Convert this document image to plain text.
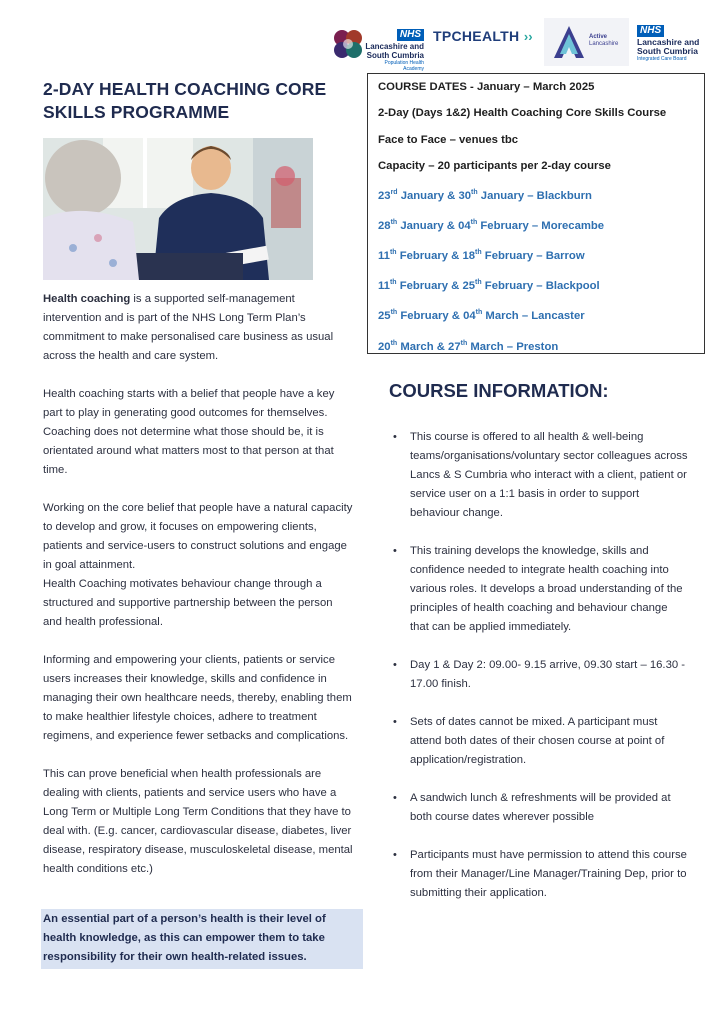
NHS
Lancashire and
South Cumbria
Population Health
Academy
TPCHEALTH ››	Active
Lancashire
NHS
Lancashire and
South Cumbria
Integrated Care Board
2-DAY HEALTH COACHING CORE
SKILLS PROGRAMME

Health coaching is a supported self-management intervention and is part of the NHS Long Term Plan’s commitment to make personalised care business as usual across the health and care system.

Health coaching starts with a belief that people have a key part to play in generating good outcomes for themselves. Coaching does not determine what those should be, it is orientated around what matters most to that person at that time.

Working on the core belief that people have a natural capacity to develop and grow, it focuses on empowering clients, patients and service-users to construct solutions and engage in goal attainment.

Health Coaching motivates behaviour change through a structured and supportive partnership between the person and health professional.

Informing and empowering your clients, patients or service users increases their knowledge, skills and confidence in managing their own healthcare needs, thereby, enabling them to make healthier lifestyle choices, adhere to treatment regimens, and experience fewer setbacks and complications.

This can prove beneficial when health professionals are dealing with clients, patients and service users who have a Long Term or Multiple Long Term Conditions that they have to deal with. (E.g. cancer, cardiovascular disease, diabetes, liver disease, respiratory disease, musculoskeletal disease, mental health conditions etc.)

An essential part of a person’s health is their level of health knowledge, as this can empower them to take responsibility for their own health-related issues.
COURSE DATES - January – March 2025
2-Day (Days 1&2) Health Coaching Core Skills Course
Face to Face – venues tbc
Capacity – 20 participants per 2-day course
23rd January & 30th January – Blackburn
28th January & 04th February – Morecambe
11th February & 18th February – Barrow
11th February & 25th February – Blackpool
25th February & 04th March – Lancaster
20th March & 27th March – Preston
COURSE INFORMATION:
• This course is offered to all health & well-being teams/organisations/voluntary sector colleagues across Lancs & S Cumbria who interact with a client, patient or service user on a 1:1 basis in order to support behaviour change.
• This training develops the knowledge, skills and confidence needed to integrate health coaching into various roles. It develops a broad understanding of the principles of health coaching and behaviour change that can be applied immediately.
• Day 1 & Day 2: 09.00- 9.15 arrive, 09.30 start – 16.30 - 17.00 finish.
• Sets of dates cannot be mixed. A participant must attend both dates of their chosen course at point of application/registration.
• A sandwich lunch & refreshments will be provided at both course dates wherever possible
• Participants must have permission to attend this course from their Manager/Line Manager/Training Dep, prior to submitting their application.
